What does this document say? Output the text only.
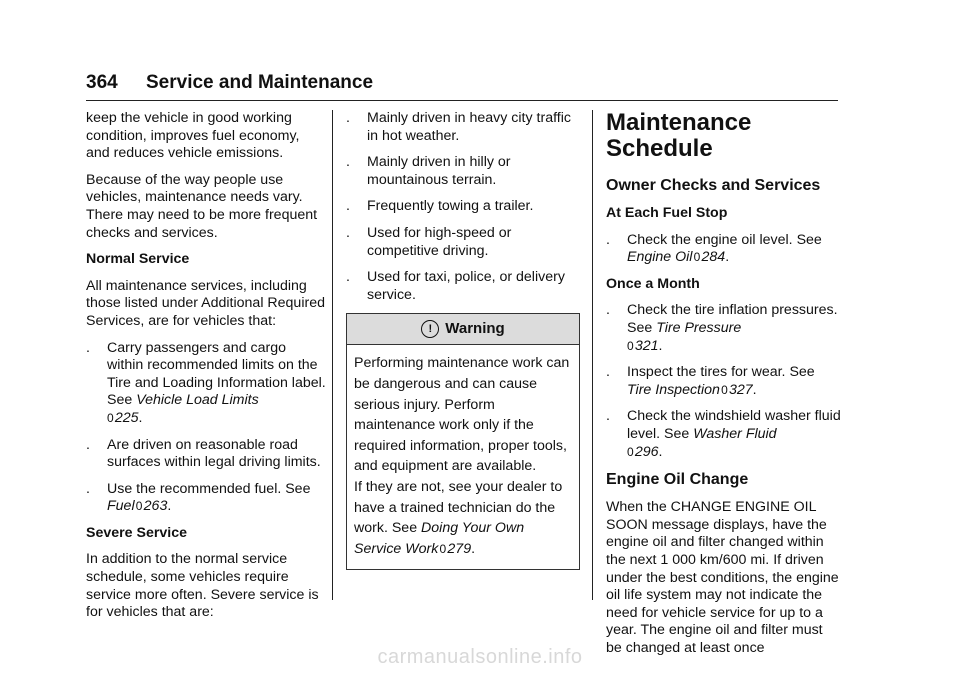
364 Service and Maintenance

keep the vehicle in good working condition, improves fuel economy, and reduces vehicle emissions.

Because of the way people use vehicles, maintenance needs vary. There may need to be more frequent checks and services.

Normal Service

All maintenance services, including those listed under Additional Required Services, are for vehicles that:

. Carry passengers and cargo within recommended limits on the Tire and Loading Information label. See Vehicle Load Limits
0 225.
. Are driven on reasonable road surfaces within legal driving limits.
. Use the recommended fuel. See
Fuel 0 263.
Severe Service

In addition to the normal service schedule, some vehicles require service more often. Severe service is for vehicles that are:

. Mainly driven in heavy city traffic in hot weather.
. Mainly driven in hilly or mountainous terrain.
. Frequently towing a trailer.
. Used for high-speed or competitive driving.
. Used for taxi, police, or delivery service.
! Warning

Performing maintenance work can be dangerous and can cause serious injury. Perform maintenance work only if the required information, proper tools, and equipment are available.

If they are not, see your dealer to have a trained technician do the work. See Doing Your Own Service Work 0 279.

Maintenance Schedule
Owner Checks and Services
At Each Fuel Stop
. Check the engine oil level. See
Engine Oil 0 284.
Once a Month
. Check the tire inflation pressures. See Tire Pressure
0 321.
. Inspect the tires for wear. See
Tire Inspection 0 327.
. Check the windshield washer fluid level. See Washer Fluid
0 296.
Engine Oil Change

When the CHANGE ENGINE OIL SOON message displays, have the engine oil and filter changed within the next 1 000 km/600 mi. If driven under the best conditions, the engine oil life system may not indicate the need for vehicle service for up to a year. The engine oil and filter must be changed at least once

carmanualsonline.info
